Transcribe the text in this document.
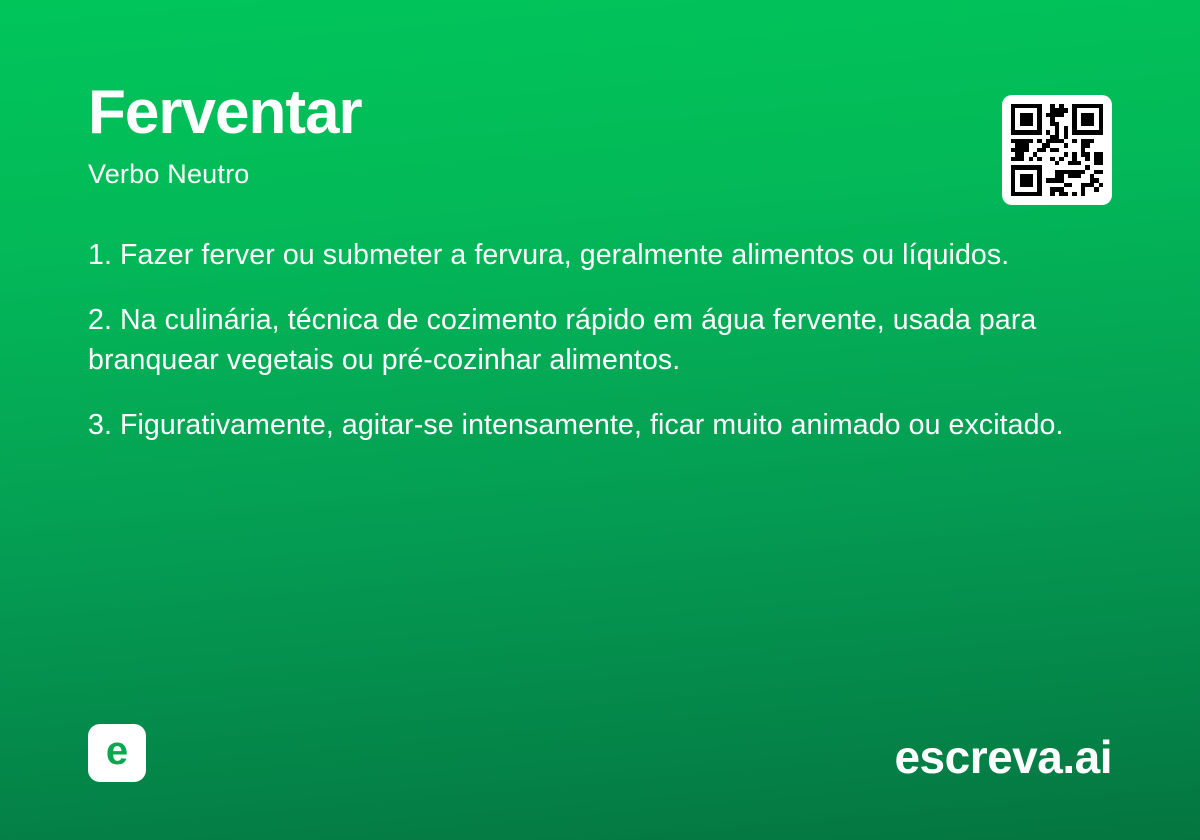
Ferventar
Verbo Neutro
1. Fazer ferver ou submeter a fervura, geralmente alimentos ou líquidos.
2. Na culinária, técnica de cozimento rápido em água fervente, usada para branquear vegetais ou pré-cozinhar alimentos.
3. Figurativamente, agitar-se intensamente, ficar muito animado ou excitado.
e	escreva.ai
